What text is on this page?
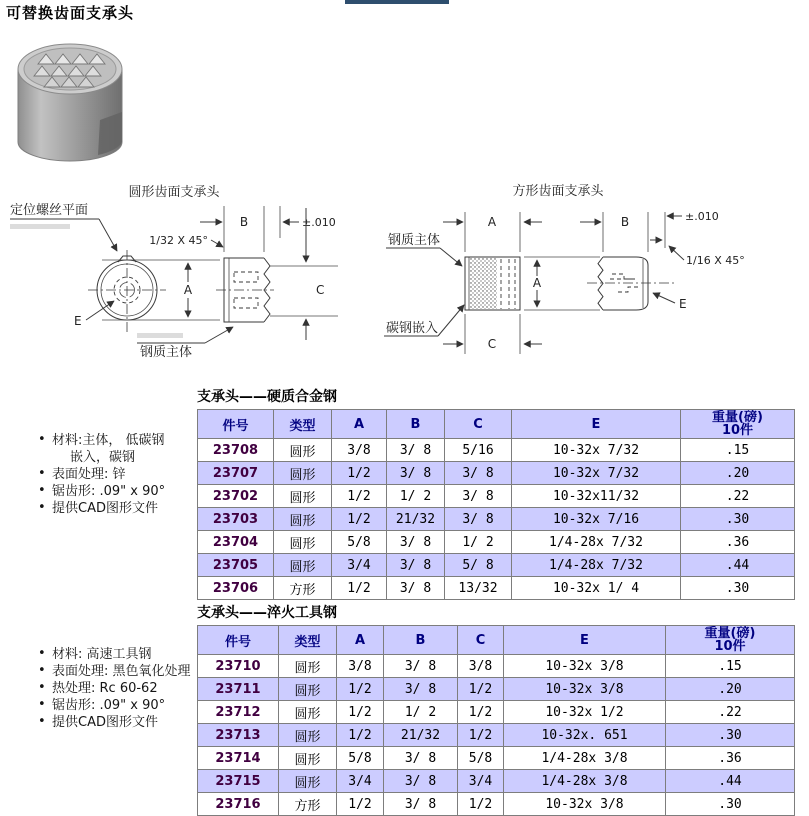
可替换齿面支承头
圆形齿面支承头
定位螺丝平面
E
B	±.010
1/32 X 45°
A	C
钢质主体
方形齿面支承头
钢质主体
碳钢嵌入
A	B	±.010
1/16 X 45°
E
A
C
• 材料:主体， 低碳钢
嵌入，碳钢
• 表面处理: 锌
• 锯齿形: .09" x 90°
• 提供CAD图形文件
支承头——硬质合金钢
件号	类型	A	B	C	E	重量(磅)
10件

23708	圆形	3/8	3/ 8	5/16	10-32x 7/32	.15
23707	圆形	1/2	3/ 8	3/ 8	10-32x 7/32	.20
23702	圆形	1/2	1/ 2	3/ 8	10-32x11/32	.22
23703	圆形	1/2	21/32	3/ 8	10-32x 7/16	.30
23704	圆形	5/8	3/ 8	1/ 2	1/4-28x 7/32	.36
23705	圆形	3/4	3/ 8	5/ 8	1/4-28x 7/32	.44
23706	方形	1/2	3/ 8	13/32	10-32x 1/ 4	.30
• 材料: 高速工具钢
• 表面处理: 黑色氧化处理
• 热处理: Rc 60-62
• 锯齿形: .09" x 90°
• 提供CAD图形文件
支承头——淬火工具钢
件号	类型	A	B	C	E	重量(磅)
10件

23710	圆形	3/8	3/ 8	3/8	10-32x 3/8	.15
23711	圆形	1/2	3/ 8	1/2	10-32x 3/8	.20
23712	圆形	1/2	1/ 2	1/2	10-32x 1/2	.22
23713	圆形	1/2	21/32	1/2	10-32x. 651	.30
23714	圆形	5/8	3/ 8	5/8	1/4-28x 3/8	.36
23715	圆形	3/4	3/ 8	3/4	1/4-28x 3/8	.44
23716	方形	1/2	3/ 8	1/2	10-32x 3/8	.30
